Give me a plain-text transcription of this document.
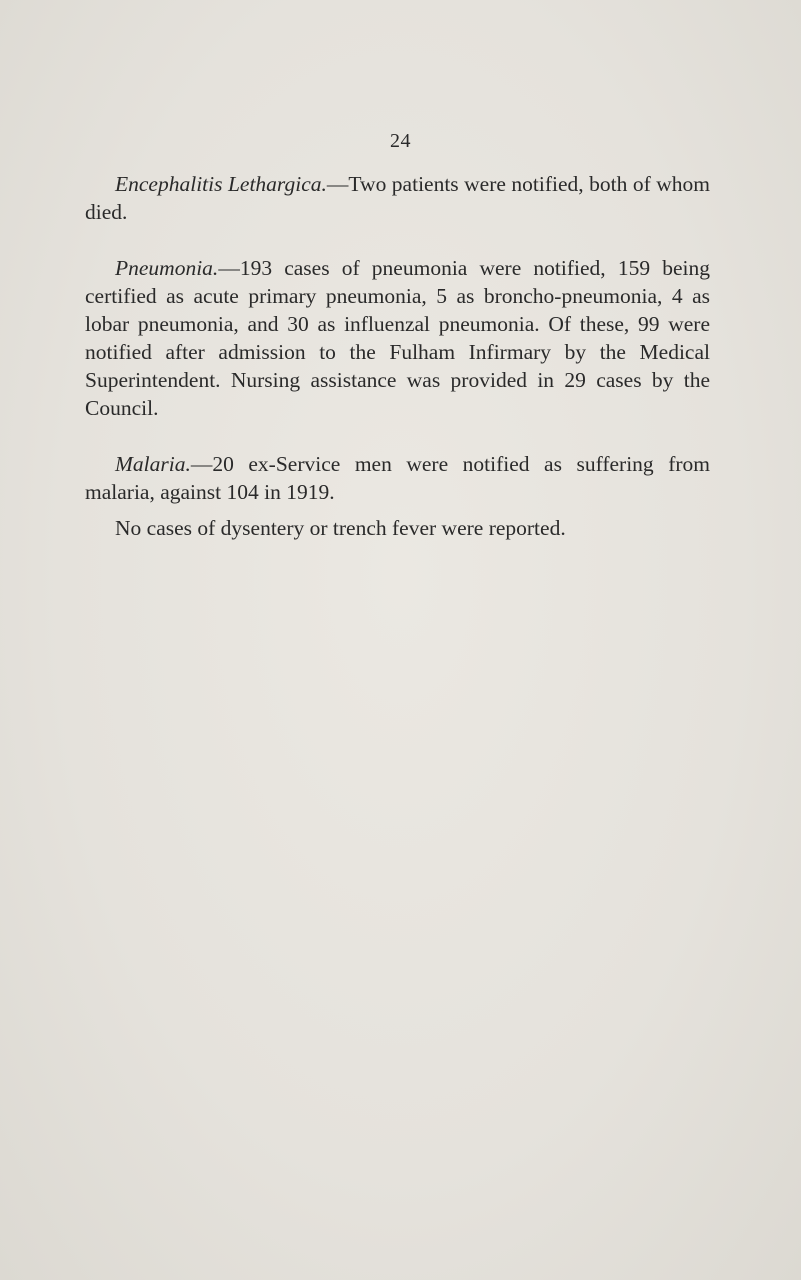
24

Encephalitis Lethargica.—Two patients were notified, both of whom died.

Pneumonia.—193 cases of pneumonia were notified, 159 being certified as acute primary pneumonia, 5 as broncho-pneumonia, 4 as lobar pneumonia, and 30 as influenzal pneumonia. Of these, 99 were notified after admission to the Fulham Infirmary by the Medical Superintendent. Nursing assistance was provided in 29 cases by the Council.

Malaria.—20 ex-Service men were notified as suffering from malaria, against 104 in 1919.

No cases of dysentery or trench fever were reported.
